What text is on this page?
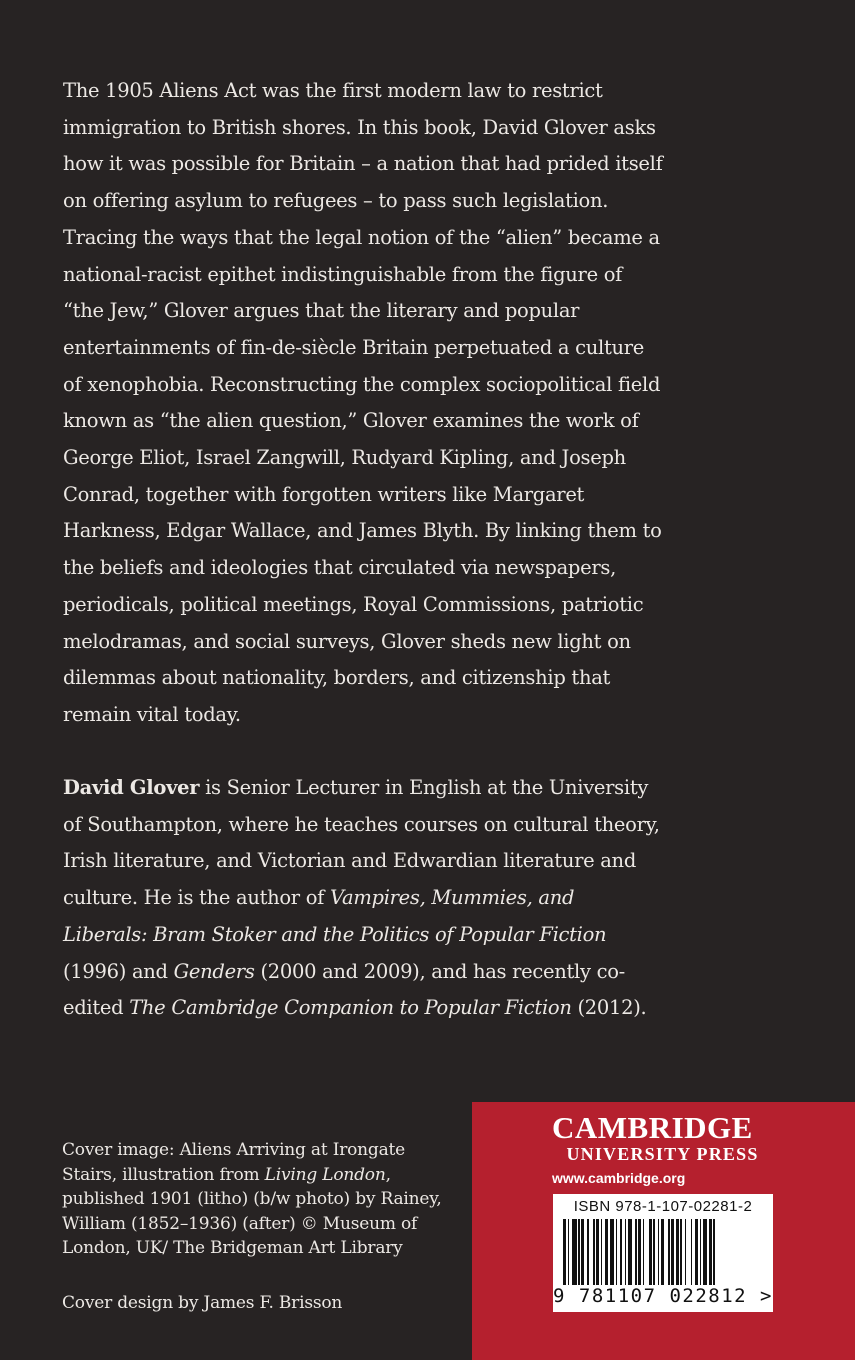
The 1905 Aliens Act was the first modern law to restrict immigration to British shores. In this book, David Glover asks how it was possible for Britain – a nation that had prided itself on offering asylum to refugees – to pass such legislation. Tracing the ways that the legal notion of the “alien” became a national-racist epithet indistinguishable from the figure of “the Jew,” Glover argues that the literary and popular entertainments of fin-de-siècle Britain perpetuated a culture of xenophobia. Reconstructing the complex sociopolitical field known as “the alien question,” Glover examines the work of George Eliot, Israel Zangwill, Rudyard Kipling, and Joseph Conrad, together with forgotten writers like Margaret Harkness, Edgar Wallace, and James Blyth. By linking them to the beliefs and ideologies that circulated via newspapers, periodicals, political meetings, Royal Commissions, patriotic melodramas, and social surveys, Glover sheds new light on dilemmas about nationality, borders, and citizenship that remain vital today.

David Glover is Senior Lecturer in English at the University of Southampton, where he teaches courses on cultural theory, Irish literature, and Victorian and Edwardian literature and culture. He is the author of Vampires, Mummies, and Liberals: Bram Stoker and the Politics of Popular Fiction (1996) and Genders (2000 and 2009), and has recently co-edited The Cambridge Companion to Popular Fiction (2012).

Cover image: Aliens Arriving at Irongate Stairs, illustration from Living London, published 1901 (litho) (b/w photo) by Rainey, William (1852–1936) (after) © Museum of London, UK/ The Bridgeman Art Library

Cover design by James F. Brisson

CAMBRIDGE
UNIVERSITY PRESS
www.cambridge.org
ISBN 978-1-107-02281-2
9 781107 022812 >
